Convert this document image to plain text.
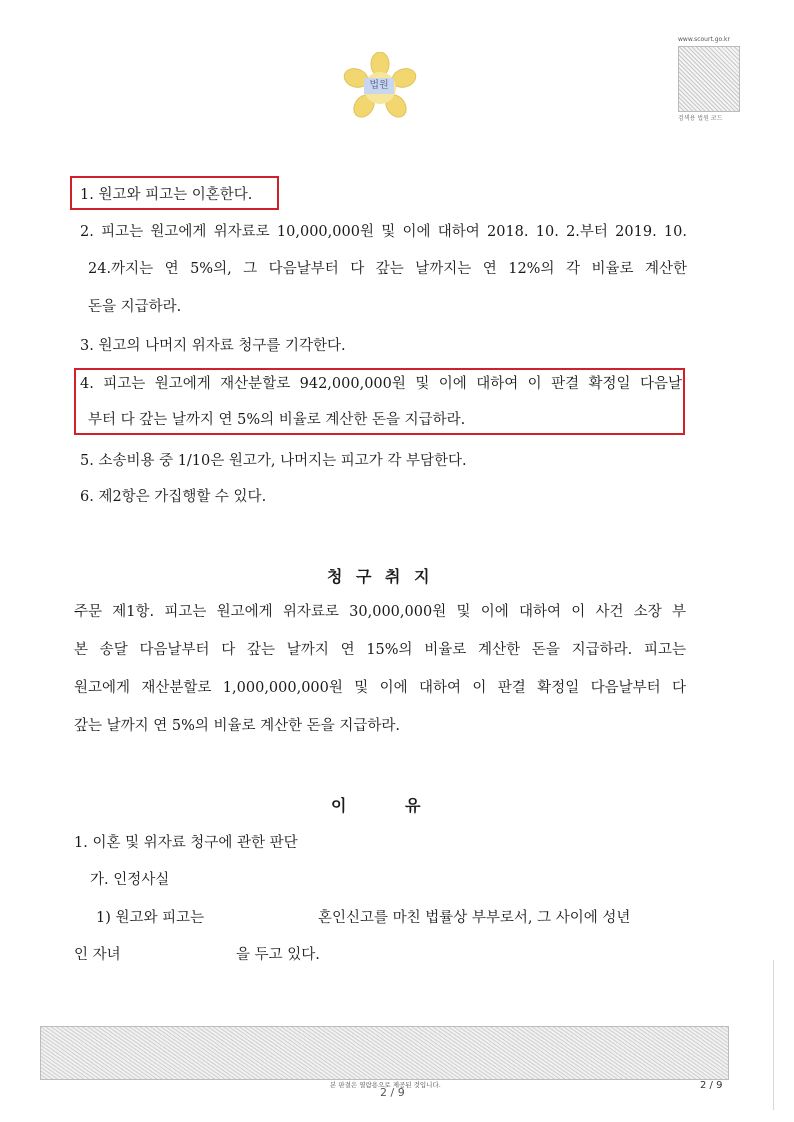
법원
www.scourt.go.kr
검색용 법원 코드
1. 원고와 피고는 이혼한다.
2. 피고는 원고에게 위자료로 10,000,000원 및 이에 대하여 2018. 10. 2.부터 2019. 10.
24.까지는 연 5%의, 그 다음날부터 다 갚는 날까지는 연 12%의 각 비율로 계산한
돈을 지급하라.
3. 원고의 나머지 위자료 청구를 기각한다.
4. 피고는 원고에게 재산분할로 942,000,000원 및 이에 대하여 이 판결 확정일 다음날
부터 다 갚는 날까지 연 5%의 비율로 계산한 돈을 지급하라.
5. 소송비용 중 1/10은 원고가, 나머지는 피고가 각 부담한다.
6. 제2항은 가집행할 수 있다.
청 구 취 지
주문 제1항. 피고는 원고에게 위자료로 30,000,000원 및 이에 대하여 이 사건 소장 부
본 송달 다음날부터 다 갚는 날까지 연 15%의 비율로 계산한 돈을 지급하라. 피고는
원고에게 재산분할로 1,000,000,000원 및 이에 대하여 이 판결 확정일 다음날부터 다
갚는 날까지 연 5%의 비율로 계산한 돈을 지급하라.
이	유
1. 이혼 및 위자료 청구에 관한 판단
가. 인정사실
1) 원고와 피고는	혼인신고를 마친 법률상 부부로서, 그 사이에 성년
인 자녀	을 두고 있다.
본 판결은 열람용으로 제공된 것입니다.
2 / 9
2 / 9
